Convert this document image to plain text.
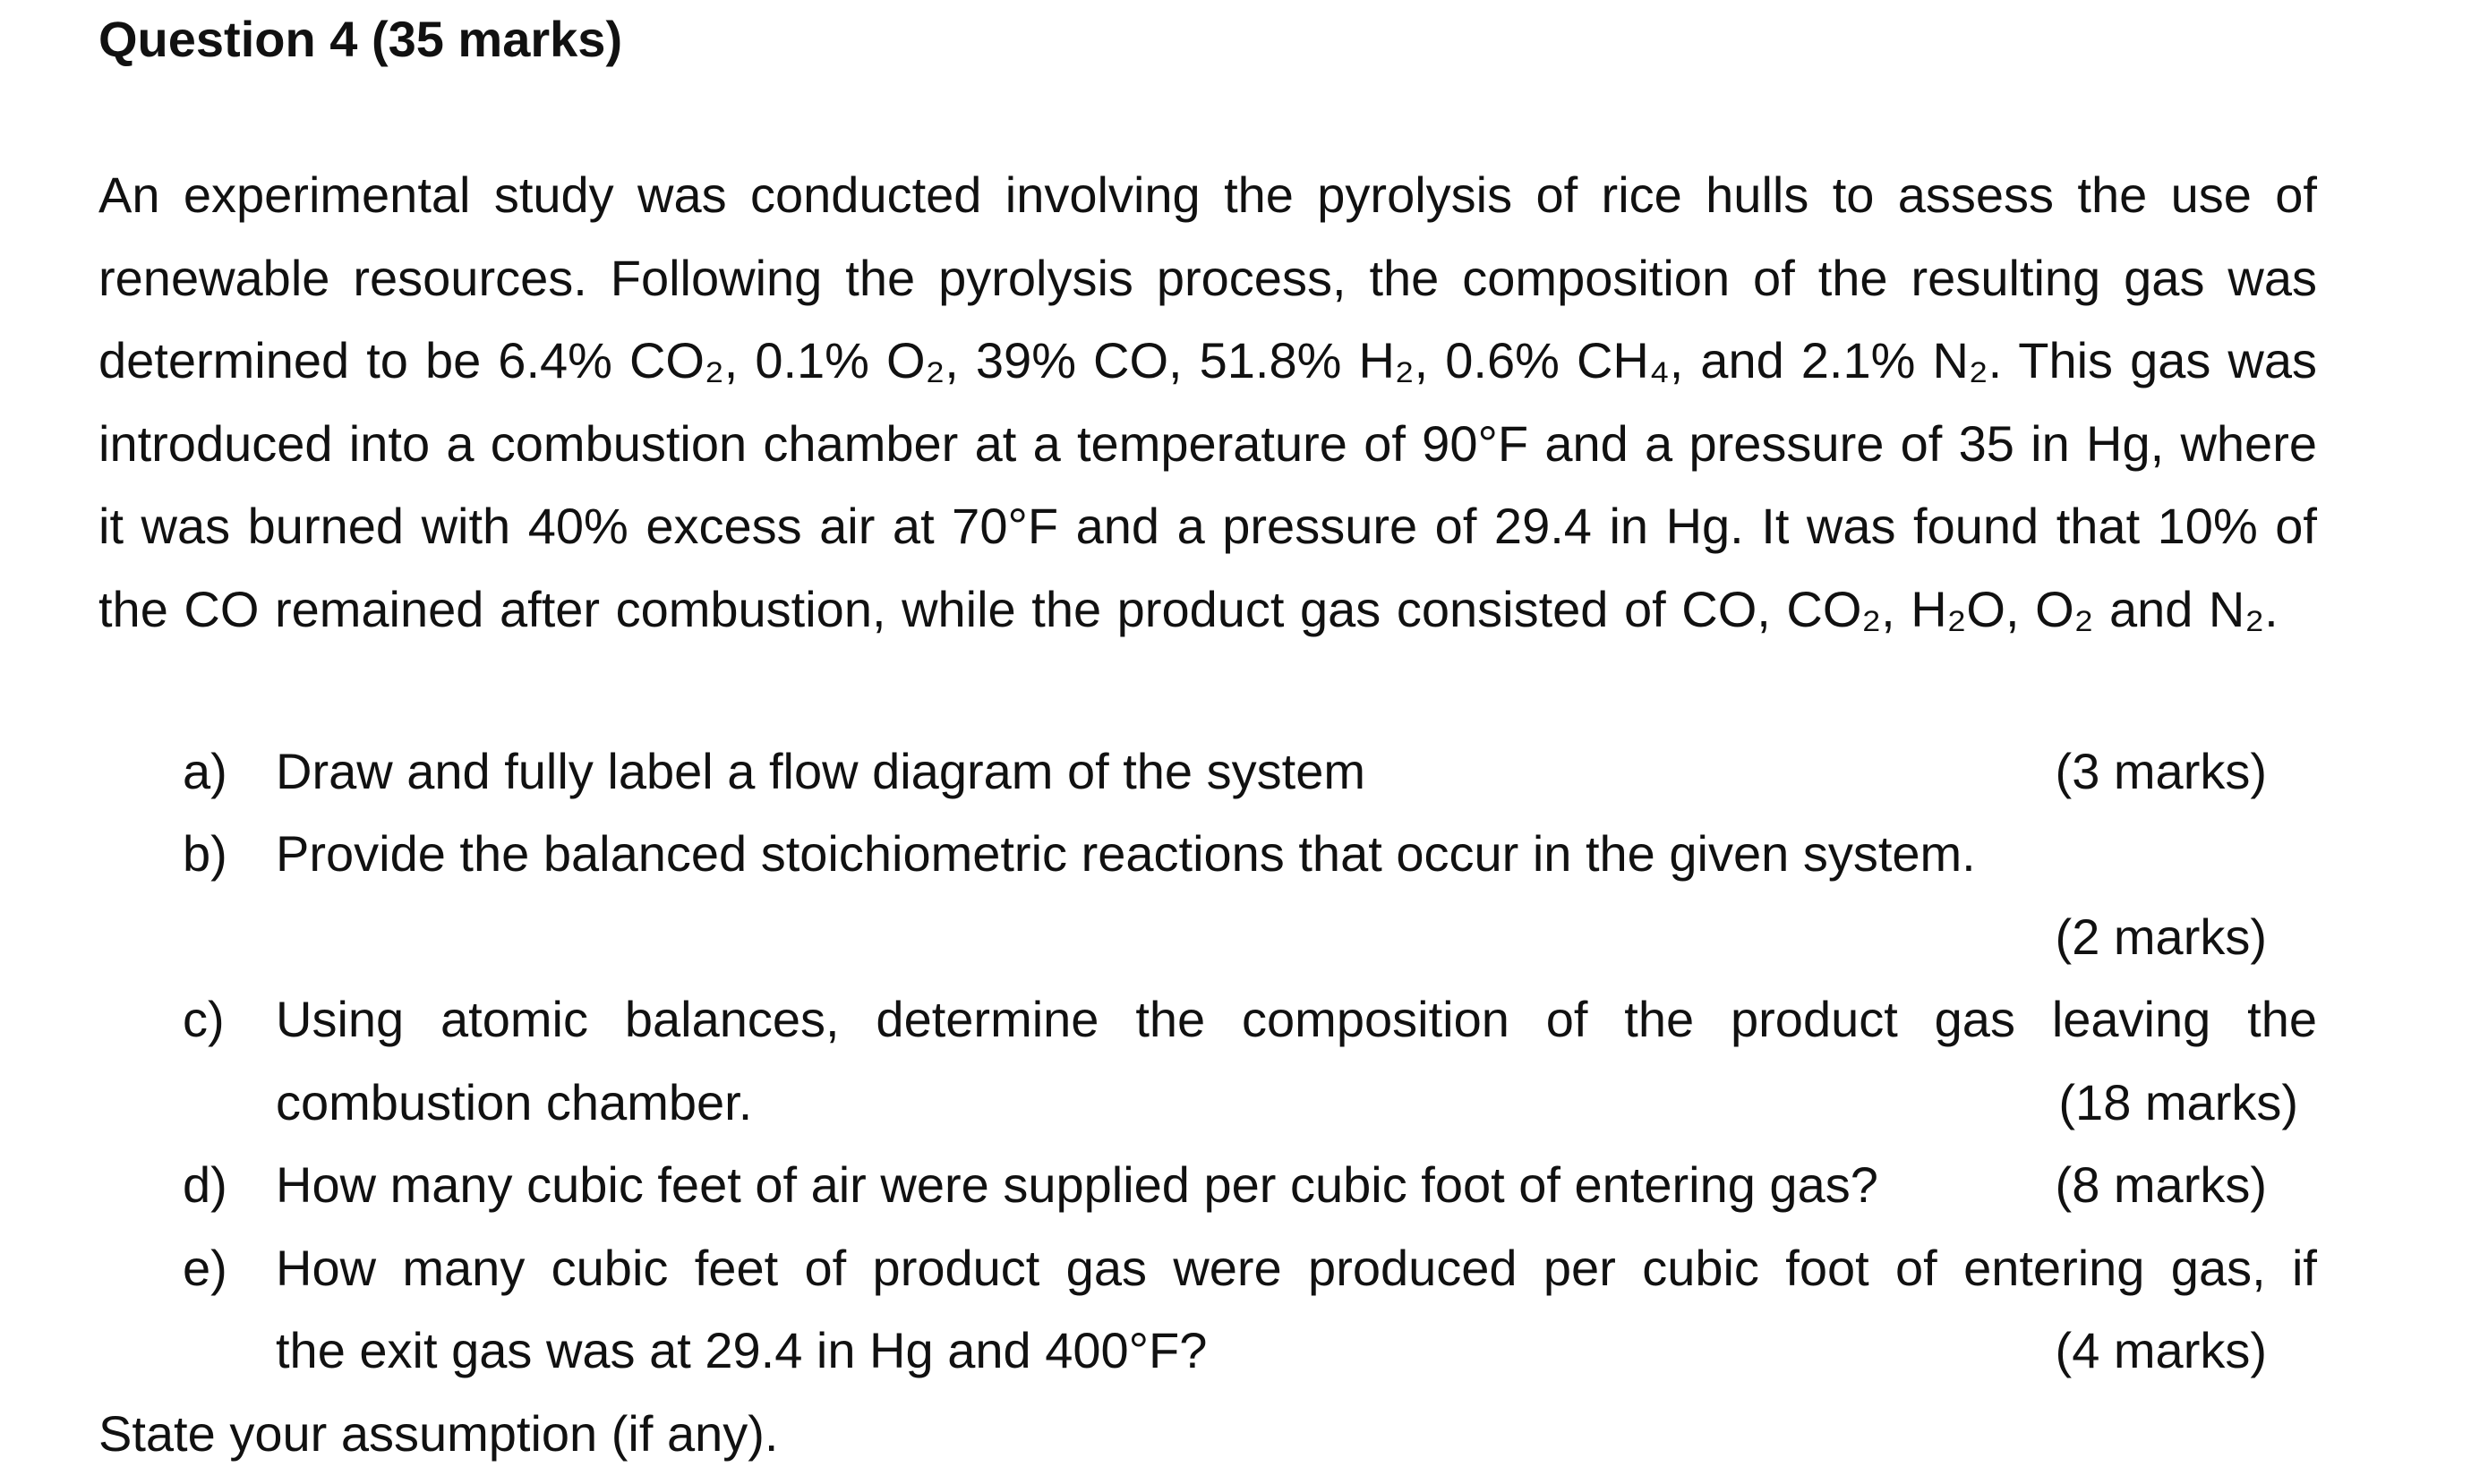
Question 4 (35 marks)
An experimental study was conducted involving the pyrolysis of rice hulls to assess the use of renewable resources. Following the pyrolysis process, the composition of the resulting gas was determined to be 6.4% CO₂, 0.1% O₂, 39% CO, 51.8% H₂, 0.6% CH₄, and 2.1% N₂. This gas was introduced into a combustion chamber at a temperature of 90°F and a pressure of 35 in Hg, where it was burned with 40% excess air at 70°F and a pressure of 29.4 in Hg. It was found that 10% of the CO remained after combustion, while the product gas consisted of CO, CO₂, H₂O, O₂ and N₂.
a) Draw and fully label a flow diagram of the system	(3 marks)
b) Provide the balanced stoichiometric reactions that occur in the given system.
(2 marks)
c) Using atomic balances, determine the composition of the product gas leaving the
combustion chamber.	(18 marks)
d) How many cubic feet of air were supplied per cubic foot of entering gas?	(8 marks)
e) How many cubic feet of product gas were produced per cubic foot of entering gas, if
the exit gas was at 29.4 in Hg and 400°F?	(4 marks)
State your assumption (if any).
